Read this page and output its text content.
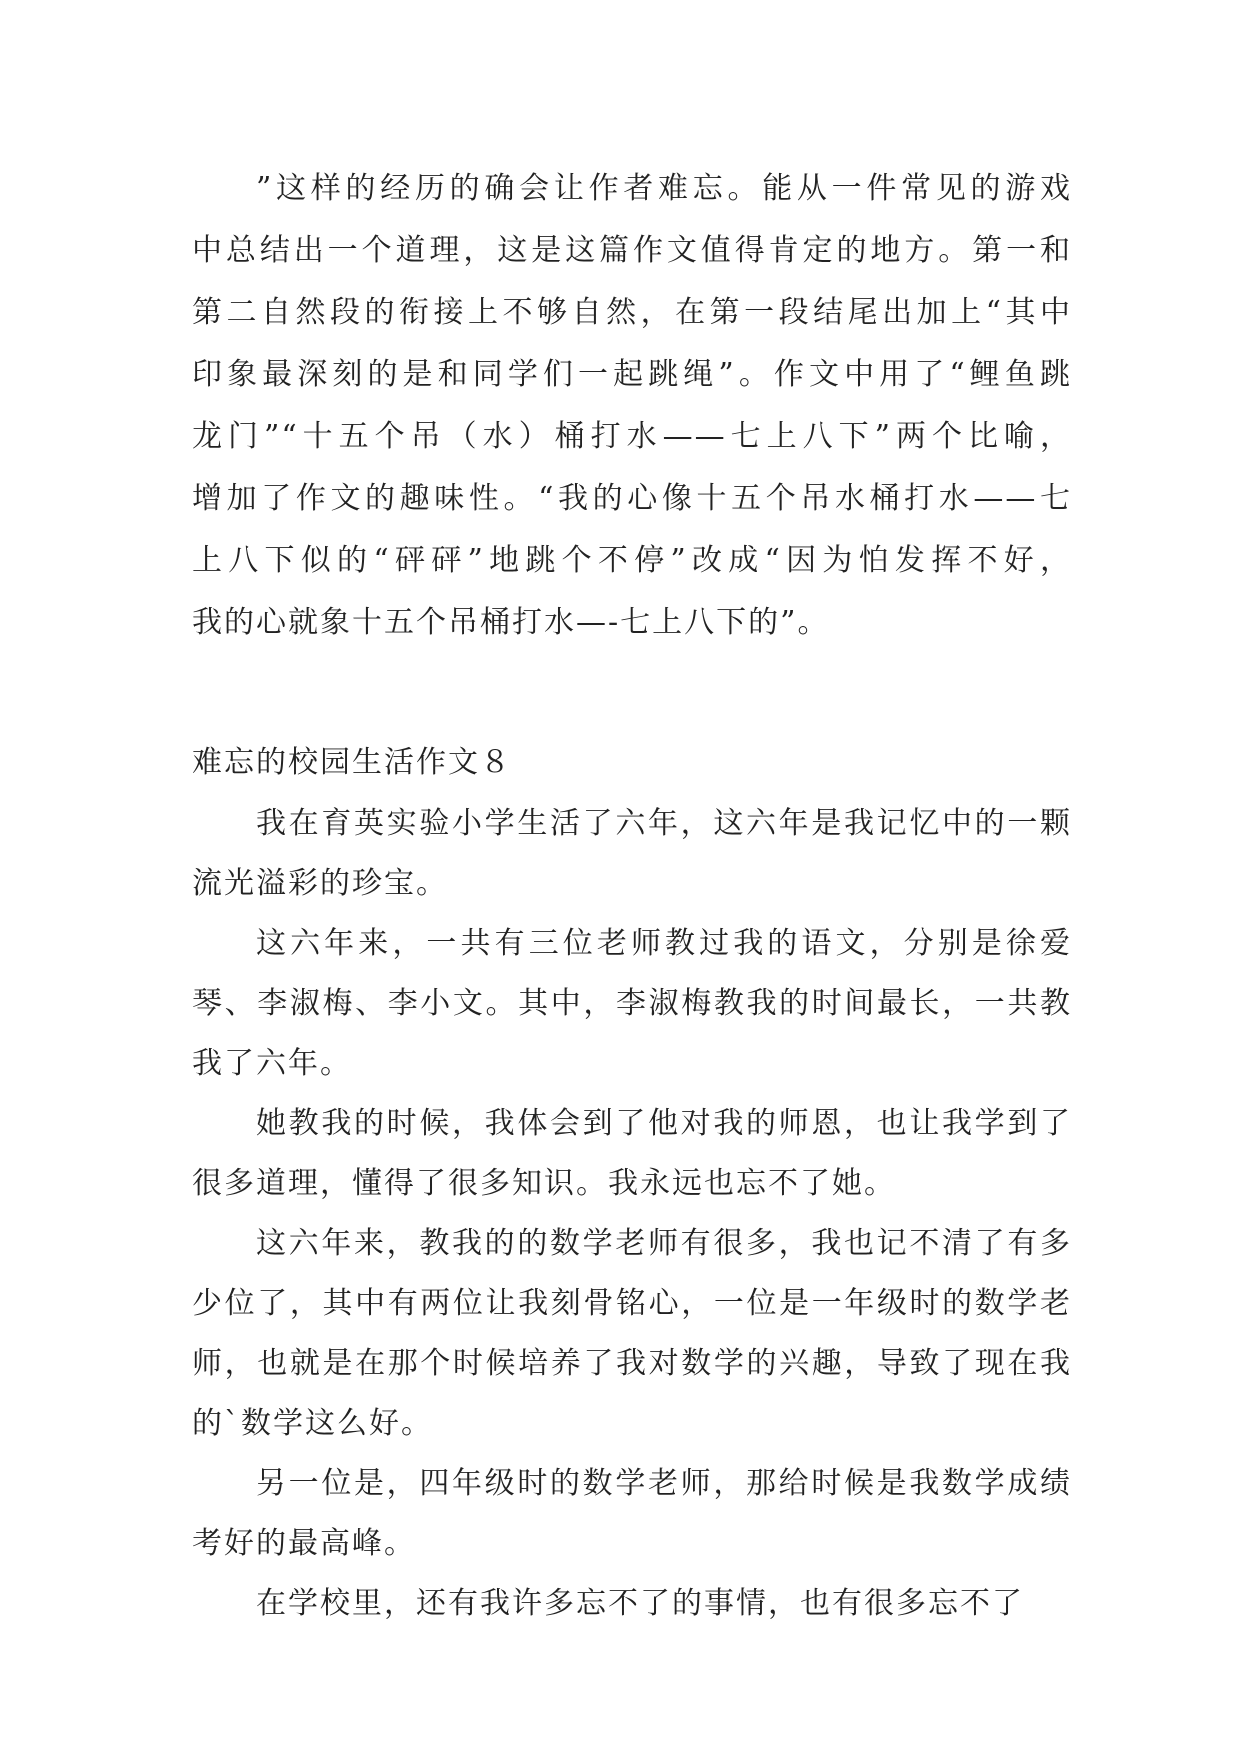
”这样的经历的确会让作者难忘。能从一件常见的游戏

中总结出一个道理，这是这篇作文值得肯定的地方。第一和

第二自然段的衔接上不够自然，在第一段结尾出加上“其中

印象最深刻的是和同学们一起跳绳”。作文中用了“鲤鱼跳

龙门”“十五个吊（水）桶打水——七上八下”两个比喻，

增加了作文的趣味性。“我的心像十五个吊水桶打水——七

上八下似的“砰砰”地跳个不停”改成“因为怕发挥不好，

我的心就象十五个吊桶打水—-七上八下的”。

难忘的校园生活作文８

我在育英实验小学生活了六年，这六年是我记忆中的一颗流光溢彩的珍宝。

这六年来，一共有三位老师教过我的语文，分别是徐爱琴、李淑梅、李小文。其中，李淑梅教我的时间最长，一共教我了六年。

她教我的时候，我体会到了他对我的师恩，也让我学到了很多道理，懂得了很多知识。我永远也忘不了她。

这六年来，教我的的数学老师有很多，我也记不清了有多少位了，其中有两位让我刻骨铭心，一位是一年级时的数学老师，也就是在那个时候培养了我对数学的兴趣，导致了现在我的`数学这么好。

另一位是，四年级时的数学老师，那给时候是我数学成绩考好的最高峰。

在学校里，还有我许多忘不了的事情，也有很多忘不了
